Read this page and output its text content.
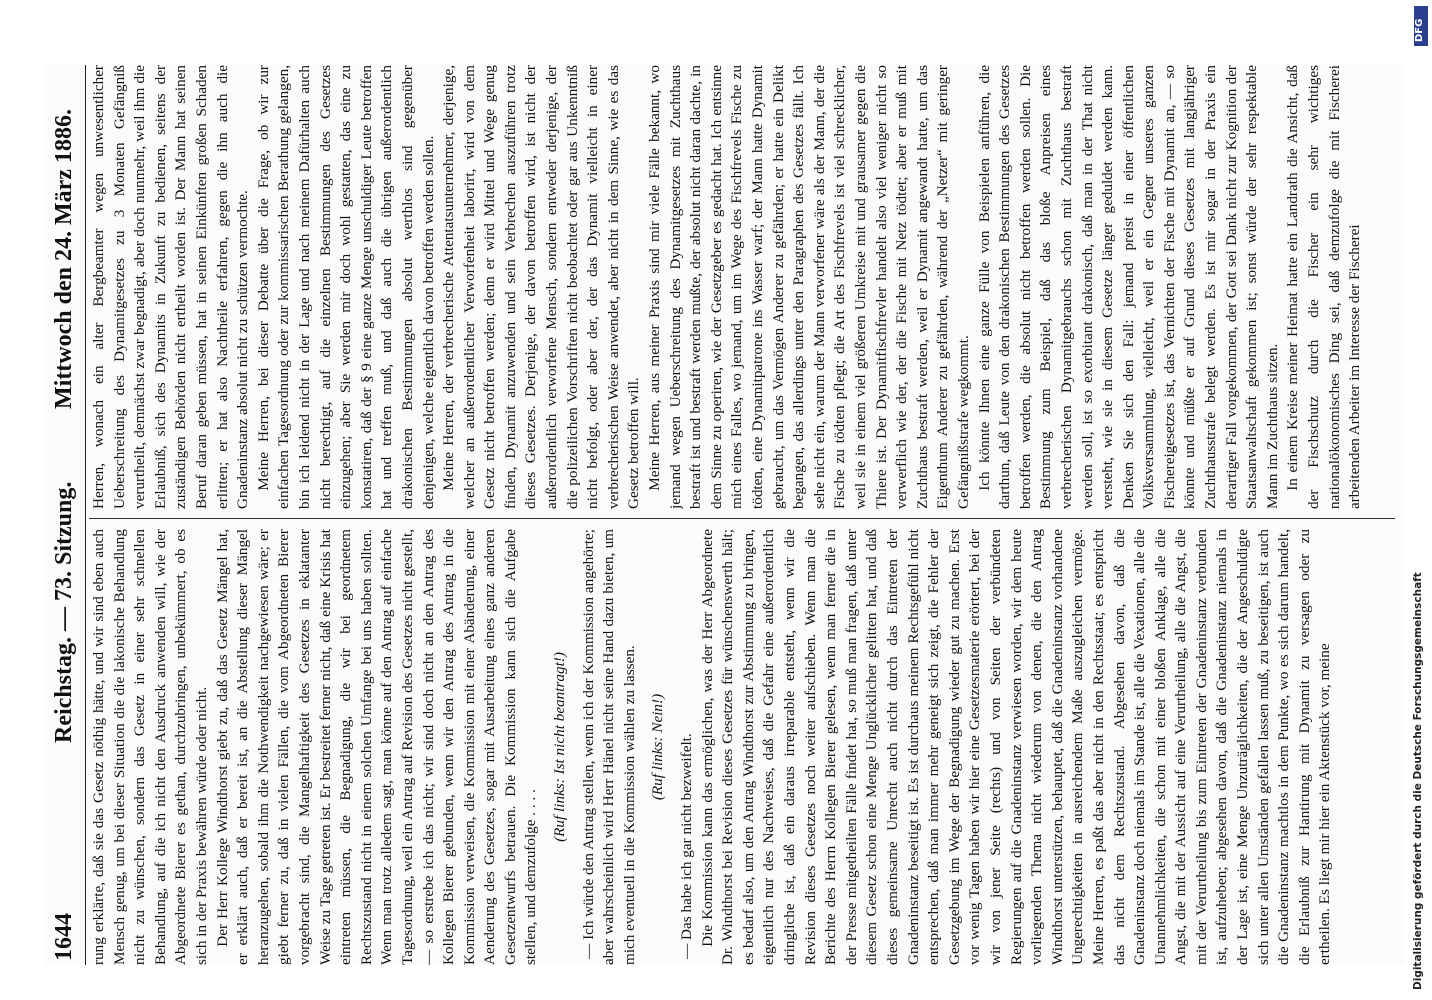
1644
Reichstag. — 73. Sitzung.
Mittwoch den 24. März 1886.

rung erklärte, daß sie das Gesetz nöthig hätte, und wir sind eben auch Mensch genug, um bei dieser Situation die die lakonische Behandlung nicht zu wünschen, sondern das Gesetz in einer sehr schnellen Behandlung, auf die ich nicht den Ausdruck anwenden will, wie der Abgeordnete Bierer es gethan, durchzubringen, unbekümmert, ob es sich in der Praxis bewähren würde oder nicht. Der Herr Kollege Windthorst giebt zu, daß das Gesetz Mängel hat, er erklärt auch, daß er bereit ist, an die Abstellung dieser Mängel heranzugehen, sobald ihm die Nothwendigkeit nachgewiesen wäre; er giebt ferner zu, daß in vielen Fällen, die vom Abgeordneten Bierer vorgebracht sind, die Mangelhaftigkeit des Gesetzes in eklatanter Weise zu Tage getreten ist. Er bestreitet ferner nicht, daß eine Krisis hat eintreten müssen, die Begnadigung, die wir bei geordnetem Rechtszustand nicht in einem solchen Umfange bei uns haben sollten. Wenn man trotz alledem sagt, man könne auf den Antrag auf einfache Tagesordnung, weil ein Antrag auf Revision des Gesetzes nicht gestellt, — so erstrebe ich das nicht; wir sind doch nicht an den Antrag des Kollegen Bierer gebunden, wenn wir den Antrag des Antrag in die Kommission verweisen, die Kommission mit einer Abänderung, einer Aenderung des Gesetzes, sogar mit Ausarbeitung eines ganz anderen Gesetzentwurfs betrauen. Die Kommission kann sich die Aufgabe stellen, und demzufolge . . . .

(Ruf links: Ist nicht beantragt!) — Ich würde den Antrag stellen, wenn ich der Kommission angehörte; aber wahrscheinlich wird Herr Hänel nicht seine Hand dazu bieten, um mich eventuell in die Kommission wählen zu lassen. (Ruf links: Nein!) — Das habe ich gar nicht bezweifelt. Die Kommission kann das ermöglichen, was der Herr Abgeordnete Dr. Windthorst bei Revision dieses Gesetzes für wünschenswerth hält; es bedarf also, um den Antrag Windthorst zur Abstimmung zu bringen, eigentlich nur des Nachweises, daß die Gefahr eine außerordentlich dringliche ist, daß ein daraus irreparable entsteht, wenn wir die Revision dieses Gesetzes noch weiter aufschieben. Wenn man die Berichte des Herrn Kollegen Bierer gelesen, wenn man ferner die in der Presse mitgetheilten Fälle findet hat, so muß man fragen, daß unter diesem Gesetz schon eine Menge Unglücklicher gelitten hat, und daß dieses gemeinsame Unrecht auch nicht durch das Eintreten der Gnadeninstanz beseitigt ist. Es ist durchaus meinem Rechtsgefühl nicht entsprechen, daß man immer mehr geneigt sich zeigt, die Fehler der Gesetzgebung im Wege der Begnadigung wieder gut zu machen. Erst vor wenig Tagen haben wir hier eine Gesetzesmaterie erörtert, bei der wir von jener Seite (rechts) und von Seiten der verbündeten Regierungen auf die Gnadeninstanz verwiesen worden, wir dem heute vorliegenden Thema nicht wiederum von denen, die den Antrag Windthorst unterstützen, behauptet, daß die Gnadeninstanz vorhandene Ungerechtigkeiten in ausreichendem Maße auszugleichen vermöge. Meine Herren, es paßt das aber nicht in den Rechtsstaat; es entspricht das nicht dem Rechtszustand. Abgesehen davon, daß die Gnadeninstanz doch niemals im Stande ist, alle die Vexationen, alle die Unannehmlichkeiten, die schon mit einer bloßen Anklage, alle die Angst, die mit der Aussicht auf eine Verurtheilung, alle die Angst, die mit der Verurtheilung bis zum Eintreten der Gnadeninstanz verbunden ist, aufzuheben; abgesehen davon, daß die Gnadeninstanz niemals in der Lage ist, eine Menge Unzuträglichkeiten, die der Angeschuldigte sich unter allen Umständen gefallen lassen muß, zu beseitigen, ist auch die Gnadeninstanz machtlos in dem Punkte, wo es sich darum handelt, die Erlaubniß zur Hantirung mit Dynamit zu versagen oder zu ertheilen. Es liegt mir hier ein Aktenstück vor, meine

Herren, wonach ein alter Bergbeamter wegen unwesentlicher Ueberschreitung des Dynamitgesetzes zu 3 Monaten Gefängniß verurtheilt, demnächst zwar begnadigt, aber doch nunmehr, weil ihm die Erlaubniß, sich des Dynamits in Zukunft zu bedienen, seitens der zuständigen Behörden nicht ertheilt worden ist. Der Mann hat seinen Beruf daran geben müssen, hat in seinen Einkünften großen Schaden erlitten; er hat also Nachtheile erfahren, gegen die ihn auch die Gnadeninstanz absolut nicht zu schützen vermochte. Meine Herren, bei dieser Debatte über die Frage, ob wir zur einfachen Tagesordnung oder zur kommissarischen Berathung gelangen, bin ich leidend nicht in der Lage und nach meinem Dafürhalten auch nicht berechtigt, auf die einzelnen Bestimmungen des Gesetzes einzugehen; aber Sie werden mir doch wohl gestatten, das eine zu konstatiren, daß der § 9 eine ganze Menge unschuldiger Leute betroffen hat und treffen muß, und daß auch die übrigen außerordentlich drakonischen Bestimmungen absolut werthlos sind gegenüber denjenigen, welche eigentlich davon betroffen werden sollen. Meine Herren, der verbrecherische Attentatsunternehmer, derjenige, welcher an außerordentlicher Verworfenheit laborirt, wird von dem Gesetz nicht betroffen werden; denn er wird Mittel und Wege genug finden, Dynamit anzuwenden und sein Verbrechen auszuführen trotz dieses Gesetzes. Derjenige, der davon betroffen wird, ist nicht der außerordentlich verworfene Mensch, sondern entweder derjenige, der die polizeilichen Vorschriften nicht beobachtet oder gar aus Unkenntniß nicht befolgt, oder aber der, der das Dynamit vielleicht in einer verbrecherischen Weise anwendet, aber nicht in dem Sinne, wie es das Gesetz betroffen will. Meine Herren, aus meiner Praxis sind mir viele Fälle bekannt, wo jemand wegen Ueberschreitung des Dynamitgesetzes mit Zuchthaus bestraft ist und bestraft werden mußte, der absolut nicht daran dachte, in dem Sinne zu operiren, wie der Gesetzgeber es gedacht hat. Ich entsinne mich eines Falles, wo jemand, um im Wege des Fischfrevels Fische zu tödten, eine Dynamitpatrone ins Wasser warf; der Mann hatte Dynamit gebraucht, um das Vermögen Anderer zu gefährden; er hatte ein Delikt begangen, das allerdings unter den Paragraphen des Gesetzes fällt. Ich sehe nicht ein, warum der Mann verworfener wäre als der Mann, der die Fische zu tödten pflegt; die Art des Fischfrevels ist viel schrecklicher, weil sie in einem viel größeren Umkreise mit und grausamer gegen die Thiere ist. Der Dynamitfischfrevler handelt also viel weniger nicht so verwerflich wie der, der die Fische mit Netz tödtet; aber er muß mit Zuchthaus bestraft werden, weil er Dynamit angewandt hatte, um das Eigenthum Anderer zu gefährden, während der „Netzer“ mit geringer Gefängnißstrafe wegkommt. Ich könnte Ihnen eine ganze Fülle von Beispielen anführen, die darthun, daß Leute von den drakonischen Bestimmungen des Gesetzes betroffen werden, die absolut nicht betroffen werden sollen. Die Bestimmung zum Beispiel, daß das bloße Anpreisen eines verbrecherischen Dynamitgebrauchs schon mit Zuchthaus bestraft werden soll, ist so exorbitant drakonisch, daß man in der That nicht versteht, wie sie in diesem Gesetze länger geduldet werden kann. Denken Sie sich den Fall: jemand preist in einer öffentlichen Volksversammlung, vielleicht, weil er ein Gegner unseres ganzen Fischereigesetzes ist, das Vernichten der Fische mit Dynamit an, — so könnte und müßte er auf Grund dieses Gesetzes mit langjähriger Zuchthausstrafe belegt werden. Es ist mir sogar in der Praxis ein derartiger Fall vorgekommen, der Gott sei Dank nicht zur Kognition der Staatsanwaltschaft gekommen ist; sonst würde der sehr respektable Mann im Zuchthaus sitzen. In einem Kreise meiner Heimat hatte ein Landrath die Ansicht, daß der Fischschutz durch die Fischer ein sehr wichtiges nationalökonomisches Ding sei, daß demzufolge die mit Fischerei arbeitenden Arbeiter im Interesse der Fischerei

DFG
Digitalisierung gefördert durch die Deutsche Forschungsgemeinschaft
